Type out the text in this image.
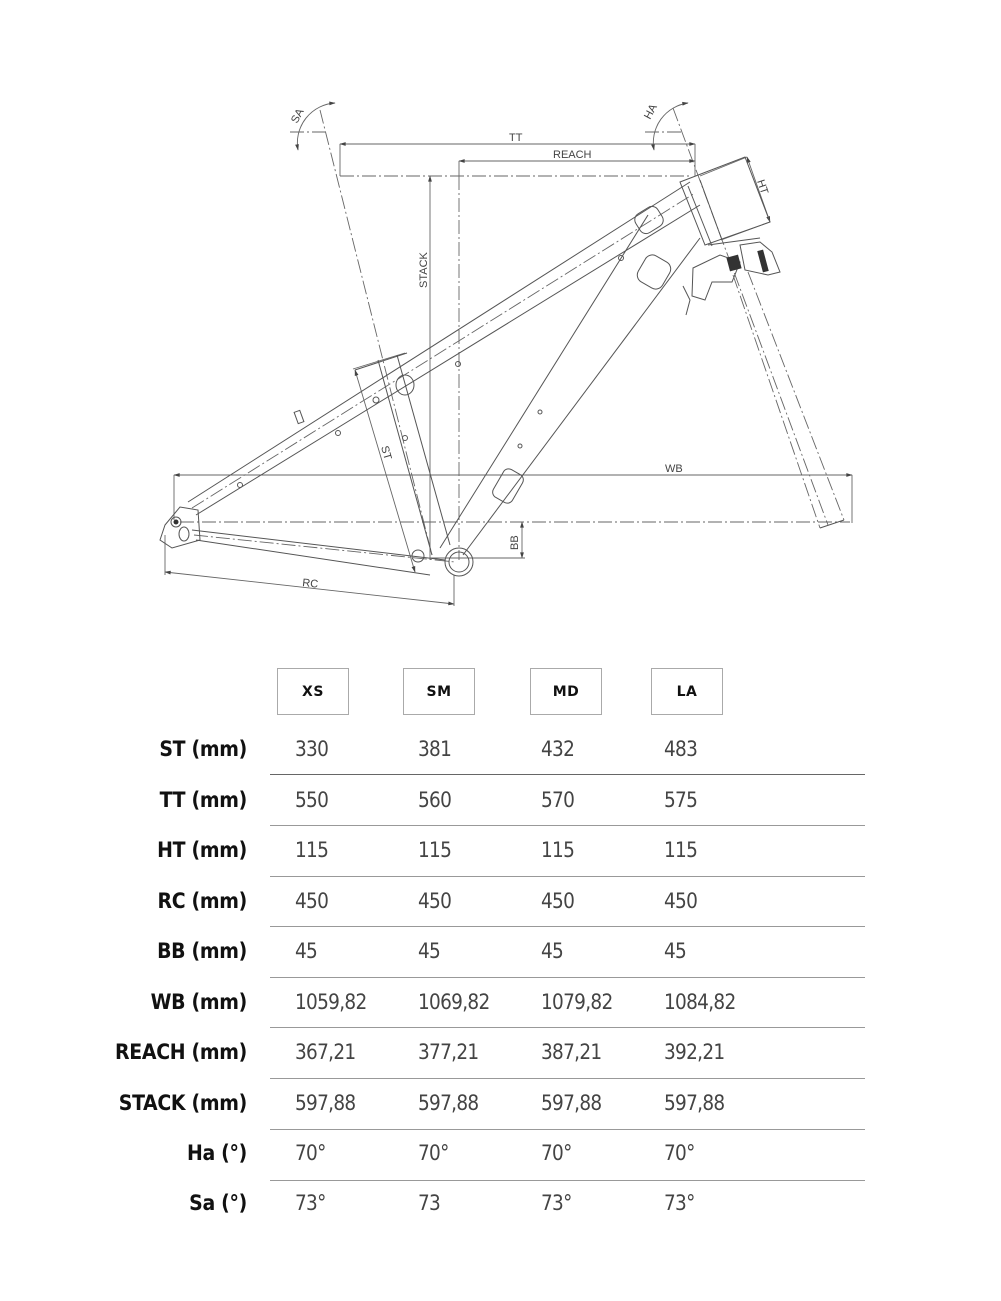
SA	HA
TT
REACH
STACK
WB
BB
RC
ST
HT
XS	SM	MD	LA
ST (mm) 330	381	432	483
TT (mm) 550	560	570	575
HT (mm) 115	115	115	115
RC (mm) 450	450	450	450
BB (mm) 45	45	45	45
WB (mm) 1059,82 1069,82 1079,82 1084,82
REACH (mm) 367,21	377,21	387,21	392,21
STACK (mm) 597,88	597,88	597,88	597,88
Ha (°) 70°	70°	70°	70°
Sa (°) 73°	73	73°	73°
